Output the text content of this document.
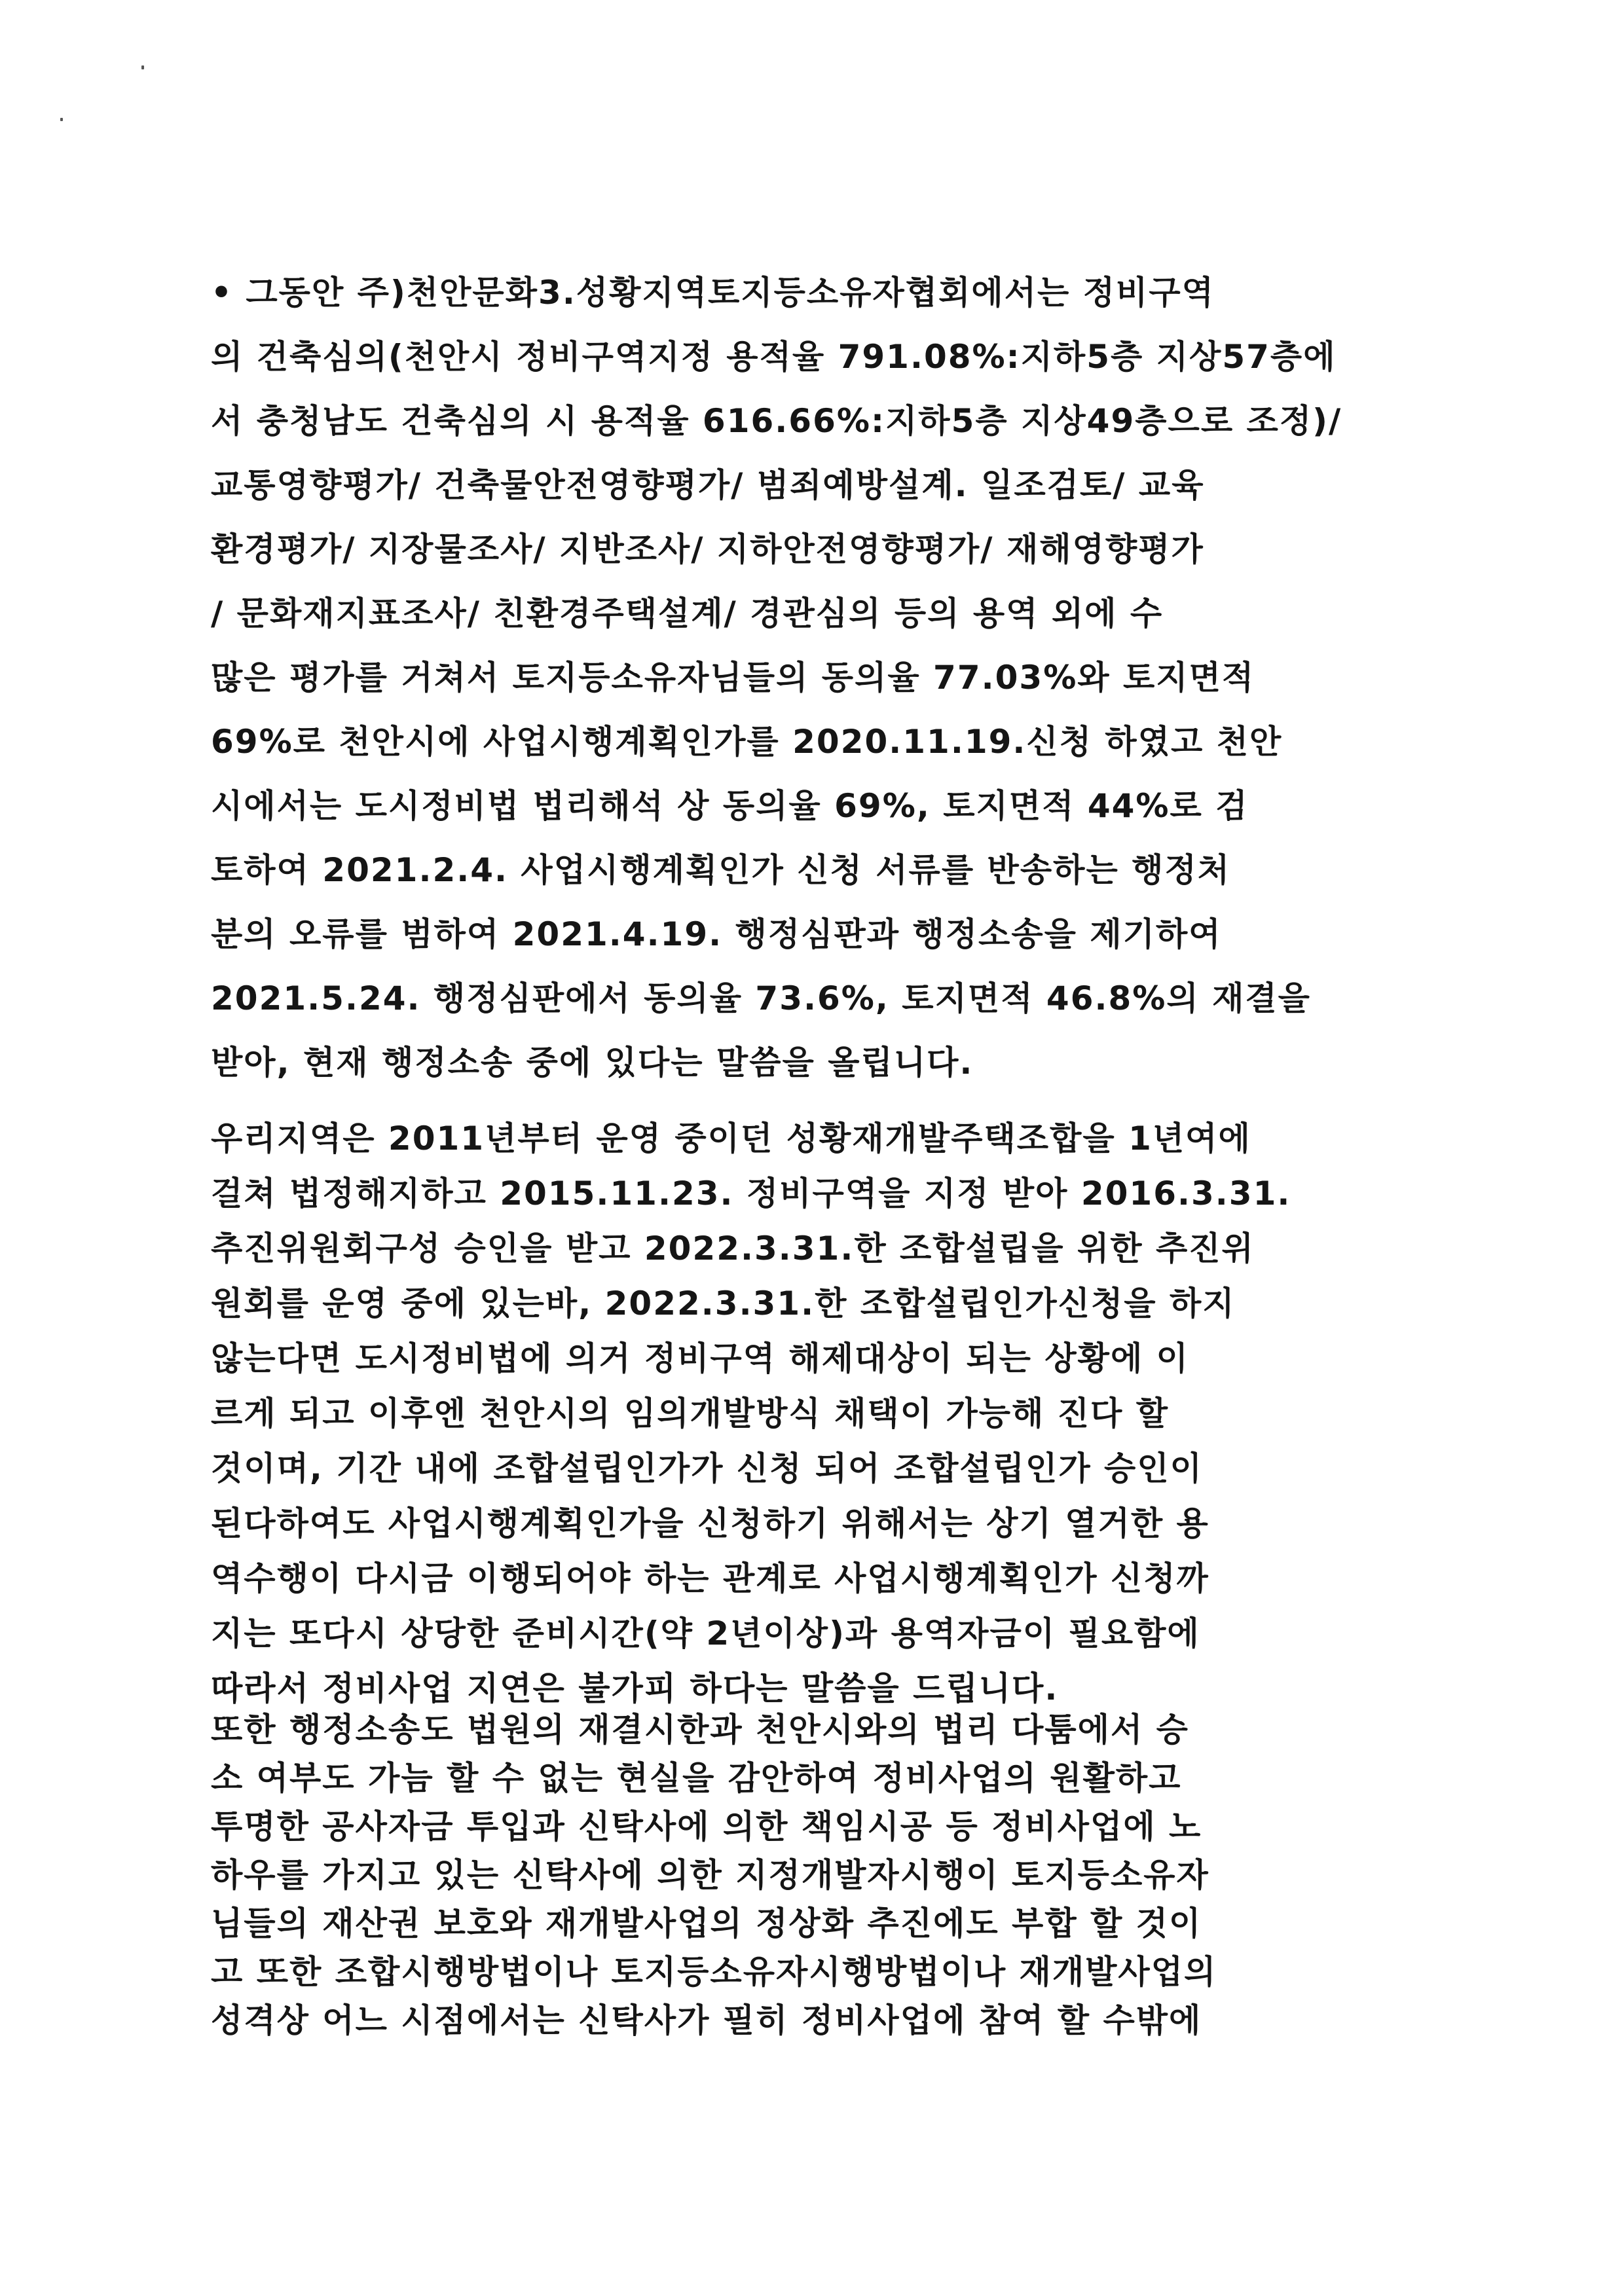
• 그동안 주)천안문화3.성황지역토지등소유자협회에서는 정비구역
의 건축심의(천안시 정비구역지정 용적율 791.08%:지하5층 지상57층에
서 충청남도 건축심의 시 용적율 616.66%:지하5층 지상49층으로 조정)/
교통영향평가/ 건축물안전영향평가/ 범죄예방설계. 일조검토/ 교육
환경평가/ 지장물조사/ 지반조사/ 지하안전영향평가/ 재해영향평가
/ 문화재지표조사/ 친환경주택설계/ 경관심의 등의 용역 외에 수
많은 평가를 거쳐서 토지등소유자님들의 동의율 77.03%와 토지면적
69%로 천안시에 사업시행계획인가를 2020.11.19.신청 하였고 천안
시에서는 도시정비법 법리해석 상 동의율 69%, 토지면적 44%로 검
토하여 2021.2.4. 사업시행계획인가 신청 서류를 반송하는 행정처
분의 오류를 범하여 2021.4.19. 행정심판과 행정소송을 제기하여
2021.5.24. 행정심판에서 동의율 73.6%, 토지면적 46.8%의 재결을
받아, 현재 행정소송 중에 있다는 말씀을 올립니다.
우리지역은 2011년부터 운영 중이던 성황재개발주택조합을 1년여에
걸쳐 법정해지하고 2015.11.23. 정비구역을 지정 받아 2016.3.31.
추진위원회구성 승인을 받고 2022.3.31.한 조합설립을 위한 추진위
원회를 운영 중에 있는바, 2022.3.31.한 조합설립인가신청을 하지
않는다면 도시정비법에 의거 정비구역 해제대상이 되는 상황에 이
르게 되고 이후엔 천안시의 임의개발방식 채택이 가능해 진다 할
것이며, 기간 내에 조합설립인가가 신청 되어 조합설립인가 승인이
된다하여도 사업시행계획인가을 신청하기 위해서는 상기 열거한 용
역수행이 다시금 이행되어야 하는 관계로 사업시행계획인가 신청까
지는 또다시 상당한 준비시간(약 2년이상)과 용역자금이 필요함에
따라서 정비사업 지연은 불가피 하다는 말씀을 드립니다.
또한 행정소송도 법원의 재결시한과 천안시와의 법리 다툼에서 승
소 여부도 가늠 할 수 없는 현실을 감안하여 정비사업의 원활하고
투명한 공사자금 투입과 신탁사에 의한 책임시공 등 정비사업에 노
하우를 가지고 있는 신탁사에 의한 지정개발자시행이 토지등소유자
님들의 재산권 보호와 재개발사업의 정상화 추진에도 부합 할 것이
고 또한 조합시행방법이나 토지등소유자시행방법이나 재개발사업의
성격상 어느 시점에서는 신탁사가 필히 정비사업에 참여 할 수밖에
